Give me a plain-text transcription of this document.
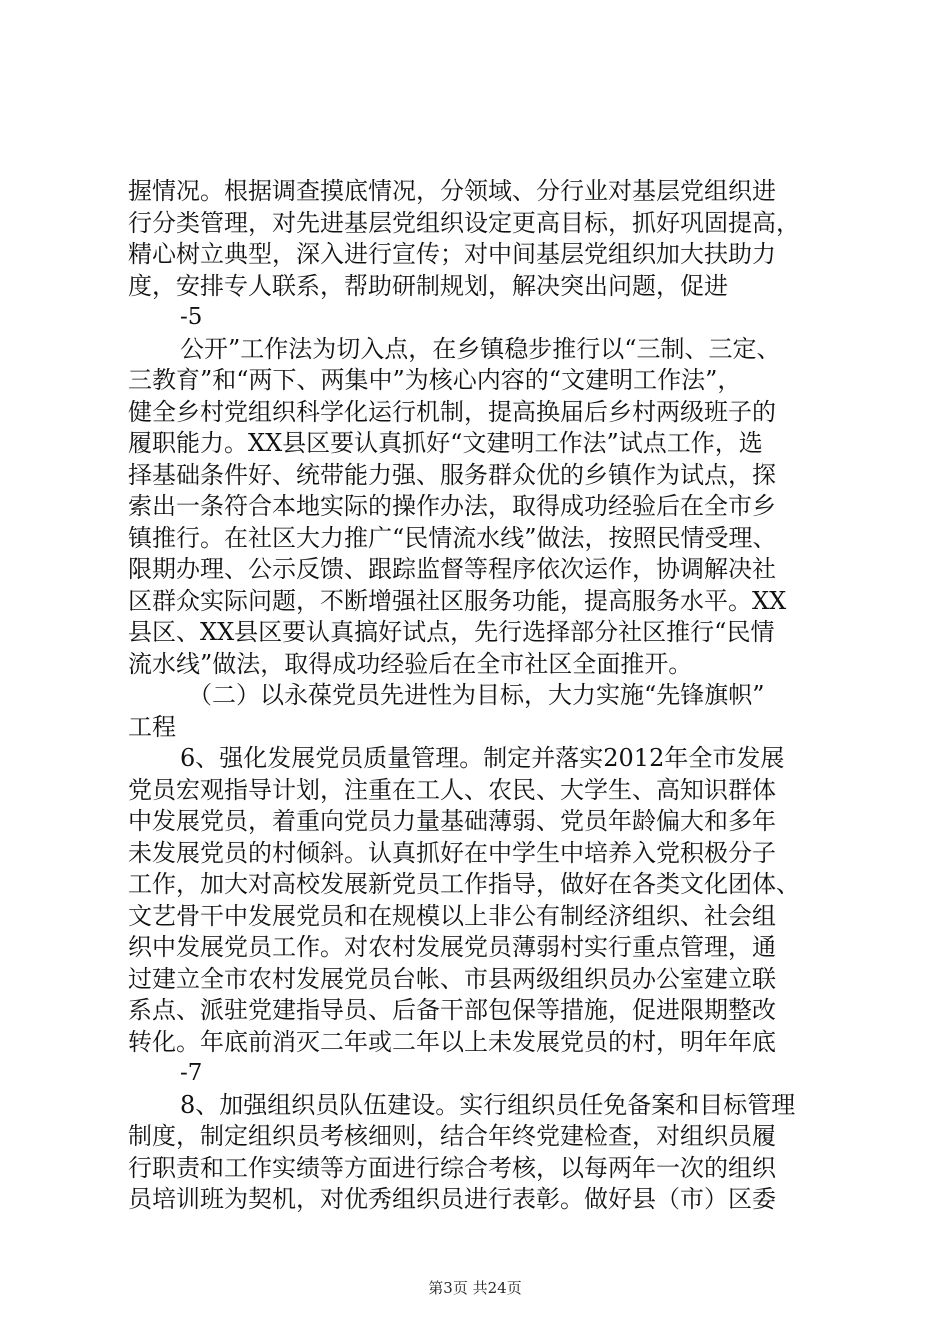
握情况。根据调查摸底情况，分领域、分行业对基层党组织进
行分类管理，对先进基层党组织设定更高目标，抓好巩固提高，
精心树立典型，深入进行宣传；对中间基层党组织加大扶助力
度，安排专人联系，帮助研制规划，解决突出问题，促进
-5
公开”工作法为切入点，在乡镇稳步推行以“三制、三定、
三教育”和“两下、两集中”为核心内容的“文建明工作法”，
健全乡村党组织科学化运行机制，提高换届后乡村两级班子的
履职能力。XX县区要认真抓好“文建明工作法”试点工作，选
择基础条件好、统带能力强、服务群众优的乡镇作为试点，探
索出一条符合本地实际的操作办法，取得成功经验后在全市乡
镇推行。在社区大力推广“民情流水线”做法，按照民情受理、
限期办理、公示反馈、跟踪监督等程序依次运作，协调解决社
区群众实际问题，不断增强社区服务功能，提高服务水平。XX
县区、XX县区要认真搞好试点，先行选择部分社区推行“民情
流水线”做法，取得成功经验后在全市社区全面推开。
（二）以永葆党员先进性为目标，大力实施“先锋旗帜”
工程
6、强化发展党员质量管理。制定并落实2012年全市发展
党员宏观指导计划，注重在工人、农民、大学生、高知识群体
中发展党员，着重向党员力量基础薄弱、党员年龄偏大和多年
未发展党员的村倾斜。认真抓好在中学生中培养入党积极分子
工作，加大对高校发展新党员工作指导，做好在各类文化团体、
文艺骨干中发展党员和在规模以上非公有制经济组织、社会组
织中发展党员工作。对农村发展党员薄弱村实行重点管理，通
过建立全市农村发展党员台帐、市县两级组织员办公室建立联
系点、派驻党建指导员、后备干部包保等措施，促进限期整改
转化。年底前消灭二年或二年以上未发展党员的村，明年年底
-7
8、加强组织员队伍建设。实行组织员任免备案和目标管理
制度，制定组织员考核细则，结合年终党建检查，对组织员履
行职责和工作实绩等方面进行综合考核，以每两年一次的组织
员培训班为契机，对优秀组织员进行表彰。做好县（市）区委
第3页 共24页
